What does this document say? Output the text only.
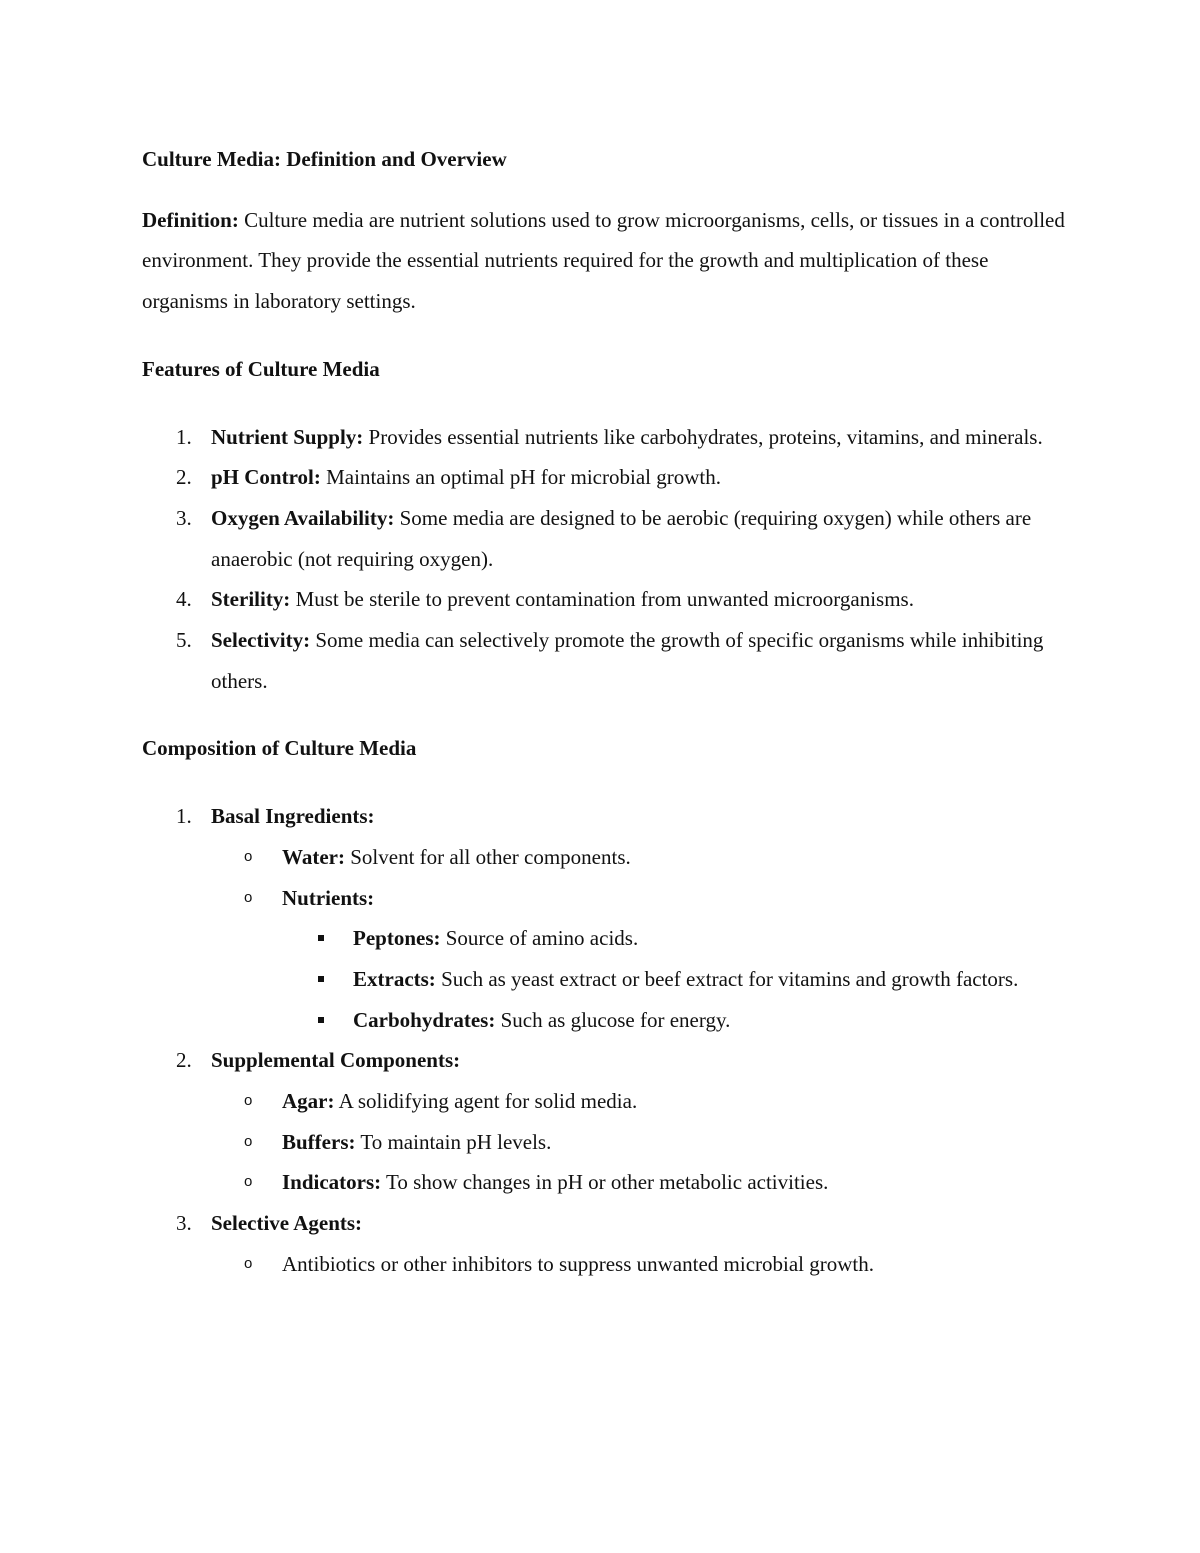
Culture Media: Definition and Overview
Definition: Culture media are nutrient solutions used to grow microorganisms, cells, or tissues in a controlled environment. They provide the essential nutrients required for the growth and multiplication of these organisms in laboratory settings.
Features of Culture Media
1. Nutrient Supply: Provides essential nutrients like carbohydrates, proteins, vitamins, and minerals.
2. pH Control: Maintains an optimal pH for microbial growth.
3. Oxygen Availability: Some media are designed to be aerobic (requiring oxygen) while others are anaerobic (not requiring oxygen).
4. Sterility: Must be sterile to prevent contamination from unwanted microorganisms.
5. Selectivity: Some media can selectively promote the growth of specific organisms while inhibiting others.
Composition of Culture Media
1. Basal Ingredients:
o Water: Solvent for all other components.
o Nutrients:
Peptones: Source of amino acids.
Extracts: Such as yeast extract or beef extract for vitamins and growth factors.
Carbohydrates: Such as glucose for energy.
2. Supplemental Components:
o Agar: A solidifying agent for solid media.
o Buffers: To maintain pH levels.
o Indicators: To show changes in pH or other metabolic activities.
3. Selective Agents:
o Antibiotics or other inhibitors to suppress unwanted microbial growth.
